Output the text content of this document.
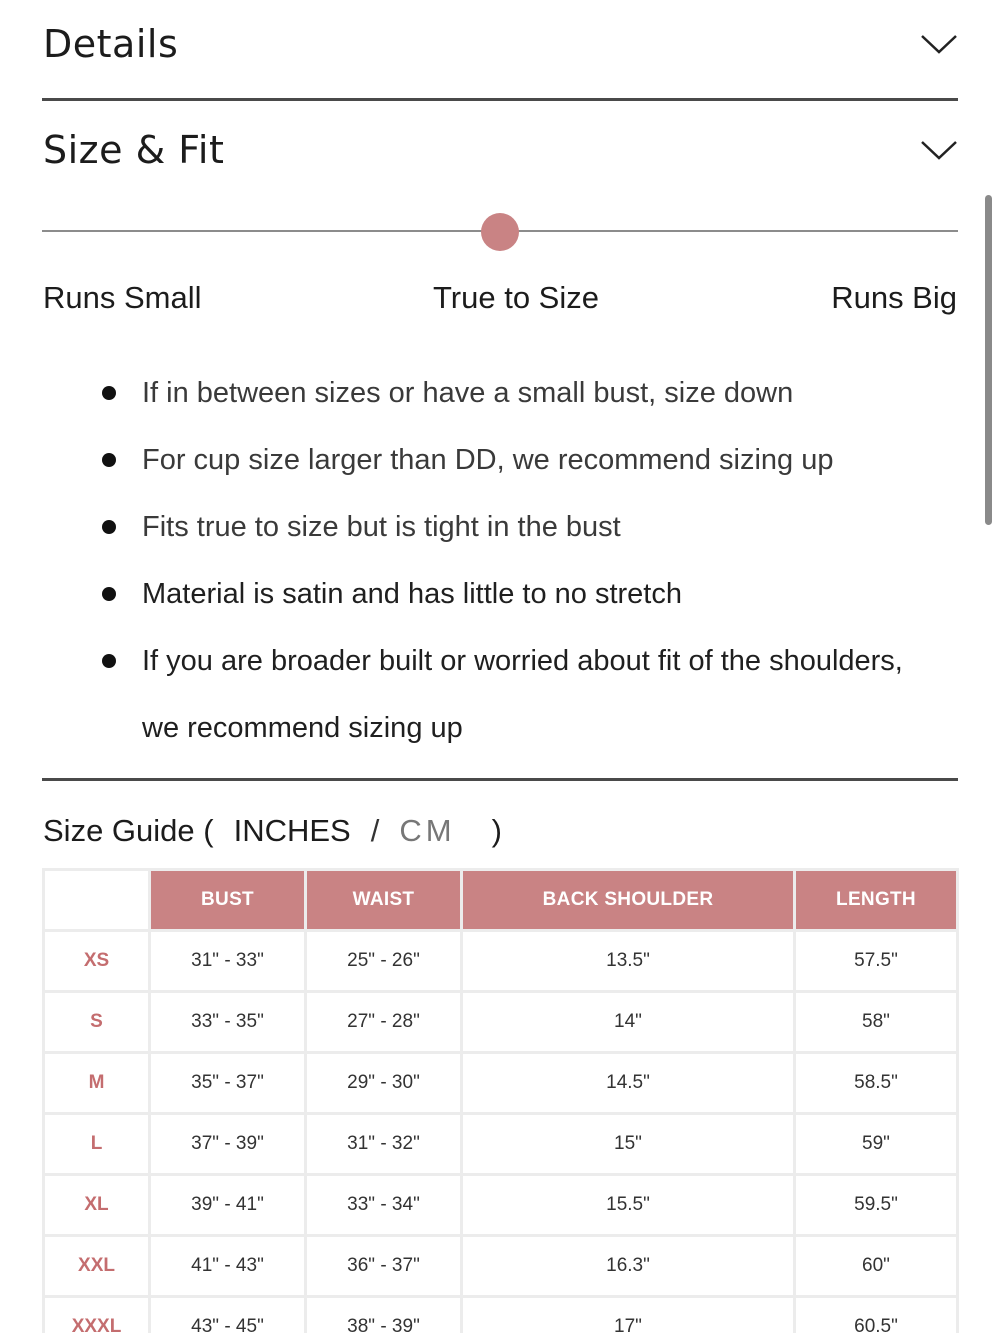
Details
Size & Fit
Runs Small	True to Size	Runs Big
If in between sizes or have a small bust, size down
For cup size larger than DD, we recommend sizing up
Fits true to size but is tight in the bust
Material is satin and has little to no stretch
If you are broader built or worried about fit of the shoulders,
we recommend sizing up
Size Guide ( INCHES / CM )
	BUST	WAIST	BACK SHOULDER	LENGTH
XS	31" - 33"	25" - 26"	13.5"	57.5"
S	33" - 35"	27" - 28"	14"	58"
M	35" - 37"	29" - 30"	14.5"	58.5"
L	37" - 39"	31" - 32"	15"	59"
XL	39" - 41"	33" - 34"	15.5"	59.5"
XXL	41" - 43"	36" - 37"	16.3"	60"
XXXL	43" - 45"	38" - 39"	17"	60.5"
